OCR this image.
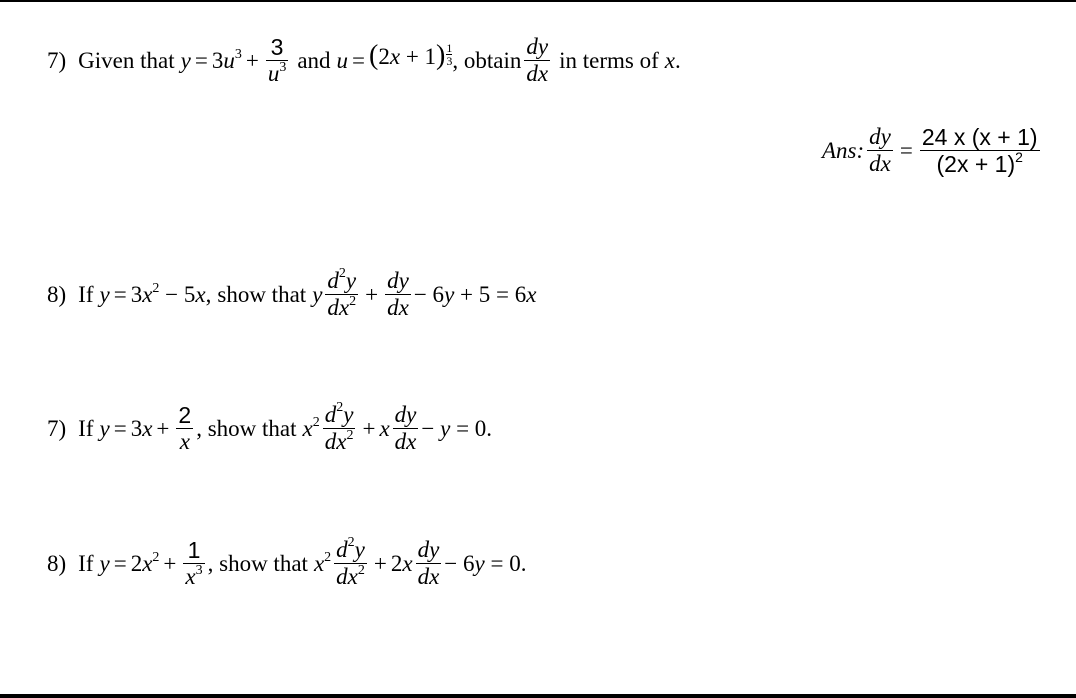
7) Given that $y = 3u^3 + \frac{3}{u^3}$ and $u = (2x + 1) \frac{1}{3}$ , obtain $\frac{dy}{dx}$ in terms of x .
Ans: $\frac{dy}{dx} = \frac{24 x (x + 1)}{(2x + 1)^2}$
8) If $y = 3x^2 - 5x$ , show that y $\frac{d^2y}{dx^2} + \frac{dy}{dx} - 6y + 5 = 6x$
7) If $y = 3x + \frac{2}{x}$ , show that $x^2 \frac{d^2y}{dx^2} + x \frac{dy}{dx} - y = 0$.
8) If $y = 2x^2 + \frac{1}{x^3}$ , show that $x^2 \frac{d^2y}{dx^2} + 2x \frac{dy}{dx} - 6y = 0$.
